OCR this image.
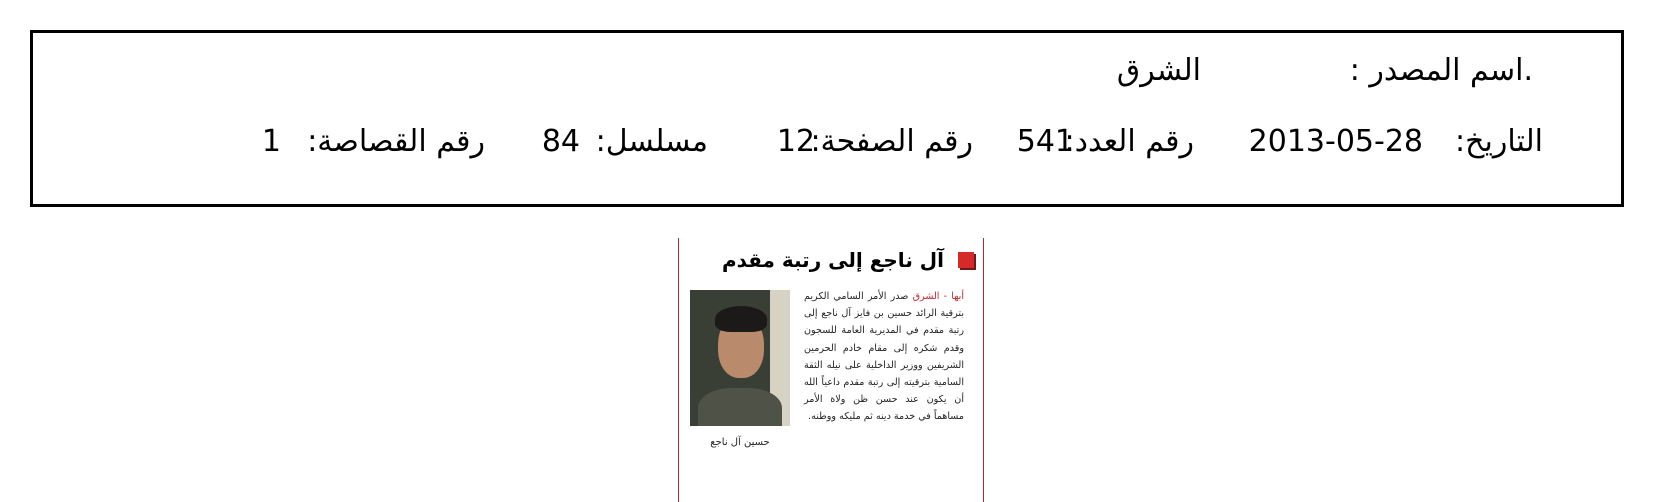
.اسم المصدر :
الشرق
التاريخ:
2013-05-28
رقم العدد:
541
رقم الصفحة:
12
مسلسل:
84
رقم القصاصة:
1
آل ناجع إلى رتبة مقدم
حسين آل ناجع
أبها - الشرق صدر الأمر السامي الكريم بترقية الرائد حسين بن فايز آل ناجع إلى رتبة مقدم في المديرية العامة للسجون وقدم شكره إلى مقام خادم الحرمين الشريفين ووزير الداخلية على نيله الثقة السامية بترقيته إلى رتبة مقدم داعياً الله أن يكون عند حسن ظن ولاة الأمر مساهماً في خدمة دينه ثم مليكه ووطنه.
